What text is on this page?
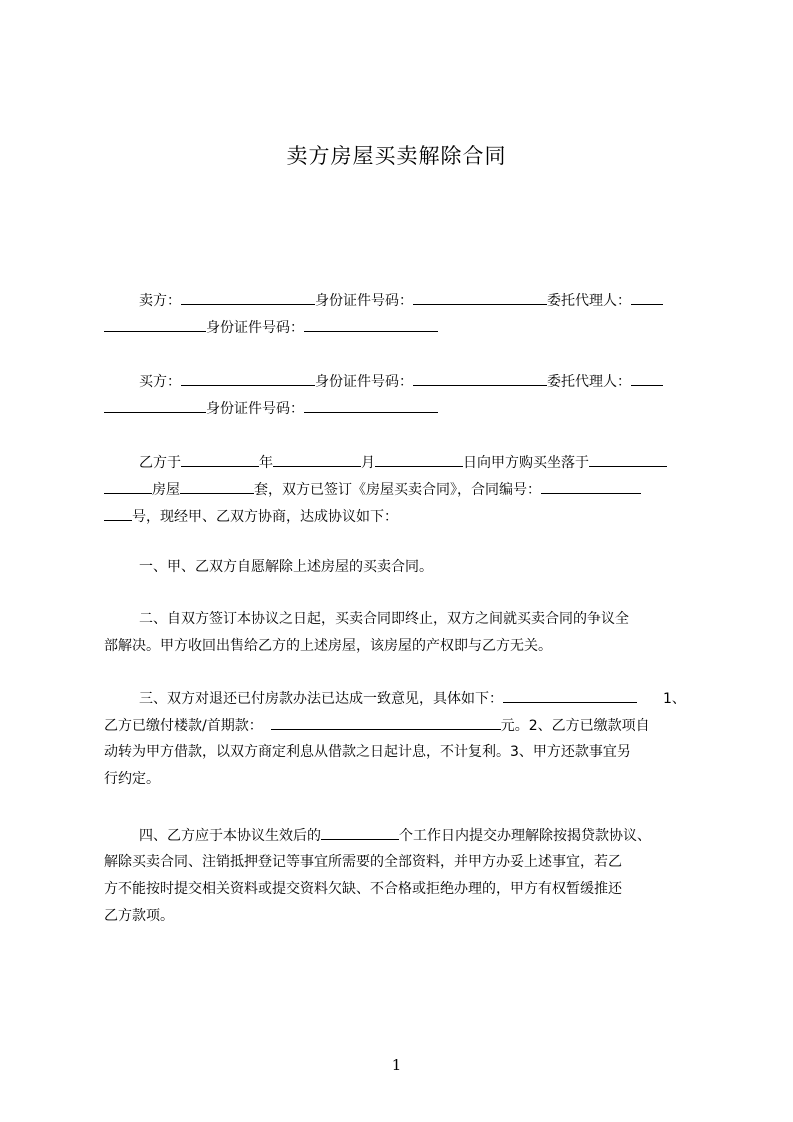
卖方房屋买卖解除合同
卖方：	身份证件号码：	委托代理人：
身份证件号码：
买方：	身份证件号码：	委托代理人：
身份证件号码：
乙方于	年	月	日向甲方购买坐落于
房屋	套，双方已签订《房屋买卖合同》，合同编号：
号，现经甲、乙双方协商，达成协议如下：
一、甲、乙双方自愿解除上述房屋的买卖合同。
二、自双方签订本协议之日起，买卖合同即终止，双方之间就买卖合同的争议全
部解决。甲方收回出售给乙方的上述房屋，该房屋的产权即与乙方无关。
三、双方对退还已付房款办法已达成一致意见，具体如下：	1、
乙方已缴付楼款/首期款：	元。2、乙方已缴款项自
动转为甲方借款，以双方商定利息从借款之日起计息，不计复利。3、甲方还款事宜另
行约定。
四、乙方应于本协议生效后的	个工作日内提交办理解除按揭贷款协议、
解除买卖合同、注销抵押登记等事宜所需要的全部资料，并甲方办妥上述事宜，若乙
方不能按时提交相关资料或提交资料欠缺、不合格或拒绝办理的，甲方有权暂缓推还
乙方款项。
1
